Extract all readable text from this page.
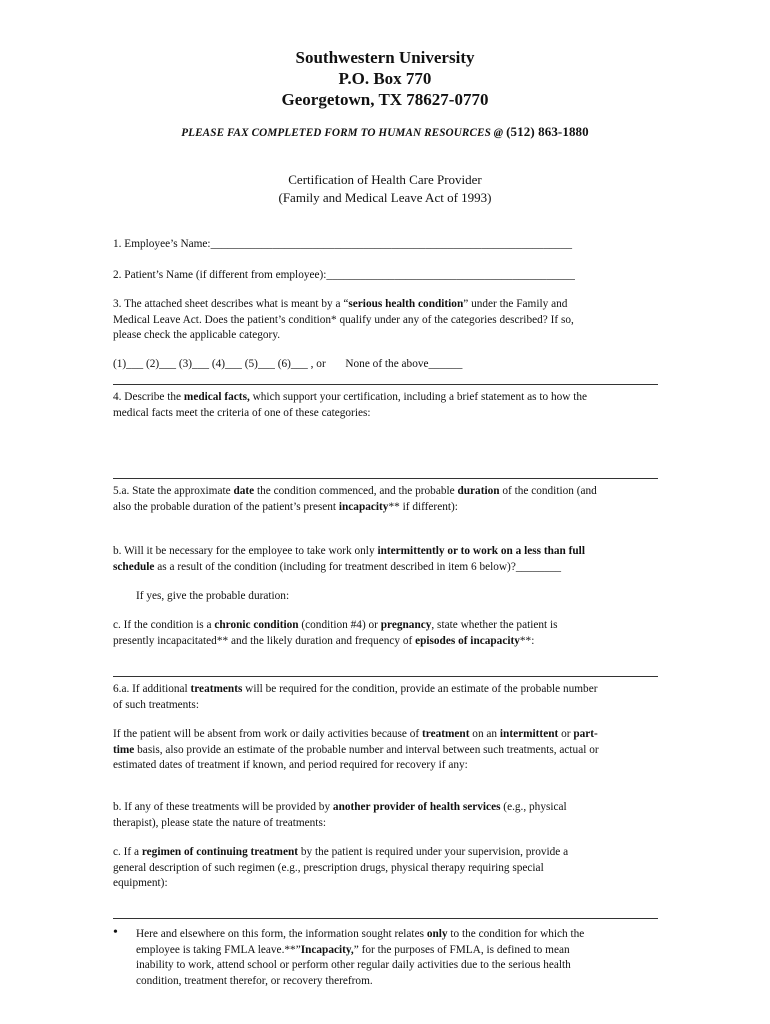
Southwestern University
P.O. Box 770
Georgetown, TX 78627-0770
PLEASE FAX COMPLETED FORM TO HUMAN RESOURCES @ (512) 863-1880
Certification of Health Care Provider
(Family and Medical Leave Act of 1993)
1. Employee’s Name:________________________________________________________________
2. Patient’s Name (if different from employee):____________________________________________
3. The attached sheet describes what is meant by a “serious health condition” under the Family and
Medical Leave Act. Does the patient’s condition* qualify under any of the categories described? If so,
please check the applicable category.
(1)___ (2)___ (3)___ (4)___ (5)___ (6)___ , or None of the above______
4. Describe the medical facts, which support your certification, including a brief statement as to how the
medical facts meet the criteria of one of these categories:
5.a. State the approximate date the condition commenced, and the probable duration of the condition (and
also the probable duration of the patient’s present incapacity** if different):
b. Will it be necessary for the employee to take work only intermittently or to work on a less than full
schedule as a result of the condition (including for treatment described in item 6 below)?________
If yes, give the probable duration:
c. If the condition is a chronic condition (condition #4) or pregnancy, state whether the patient is
presently incapacitated** and the likely duration and frequency of episodes of incapacity**:
6.a. If additional treatments will be required for the condition, provide an estimate of the probable number
of such treatments:
If the patient will be absent from work or daily activities because of treatment on an intermittent or part-
time basis, also provide an estimate of the probable number and interval between such treatments, actual or
estimated dates of treatment if known, and period required for recovery if any:
b. If any of these treatments will be provided by another provider of health services (e.g., physical
therapist), please state the nature of treatments:
c. If a regimen of continuing treatment by the patient is required under your supervision, provide a
general description of such regimen (e.g., prescription drugs, physical therapy requiring special
equipment):
• Here and elsewhere on this form, the information sought relates only to the condition for which the
employee is taking FMLA leave.**”Incapacity,” for the purposes of FMLA, is defined to mean
inability to work, attend school or perform other regular daily activities due to the serious health
condition, treatment therefor, or recovery therefrom.
